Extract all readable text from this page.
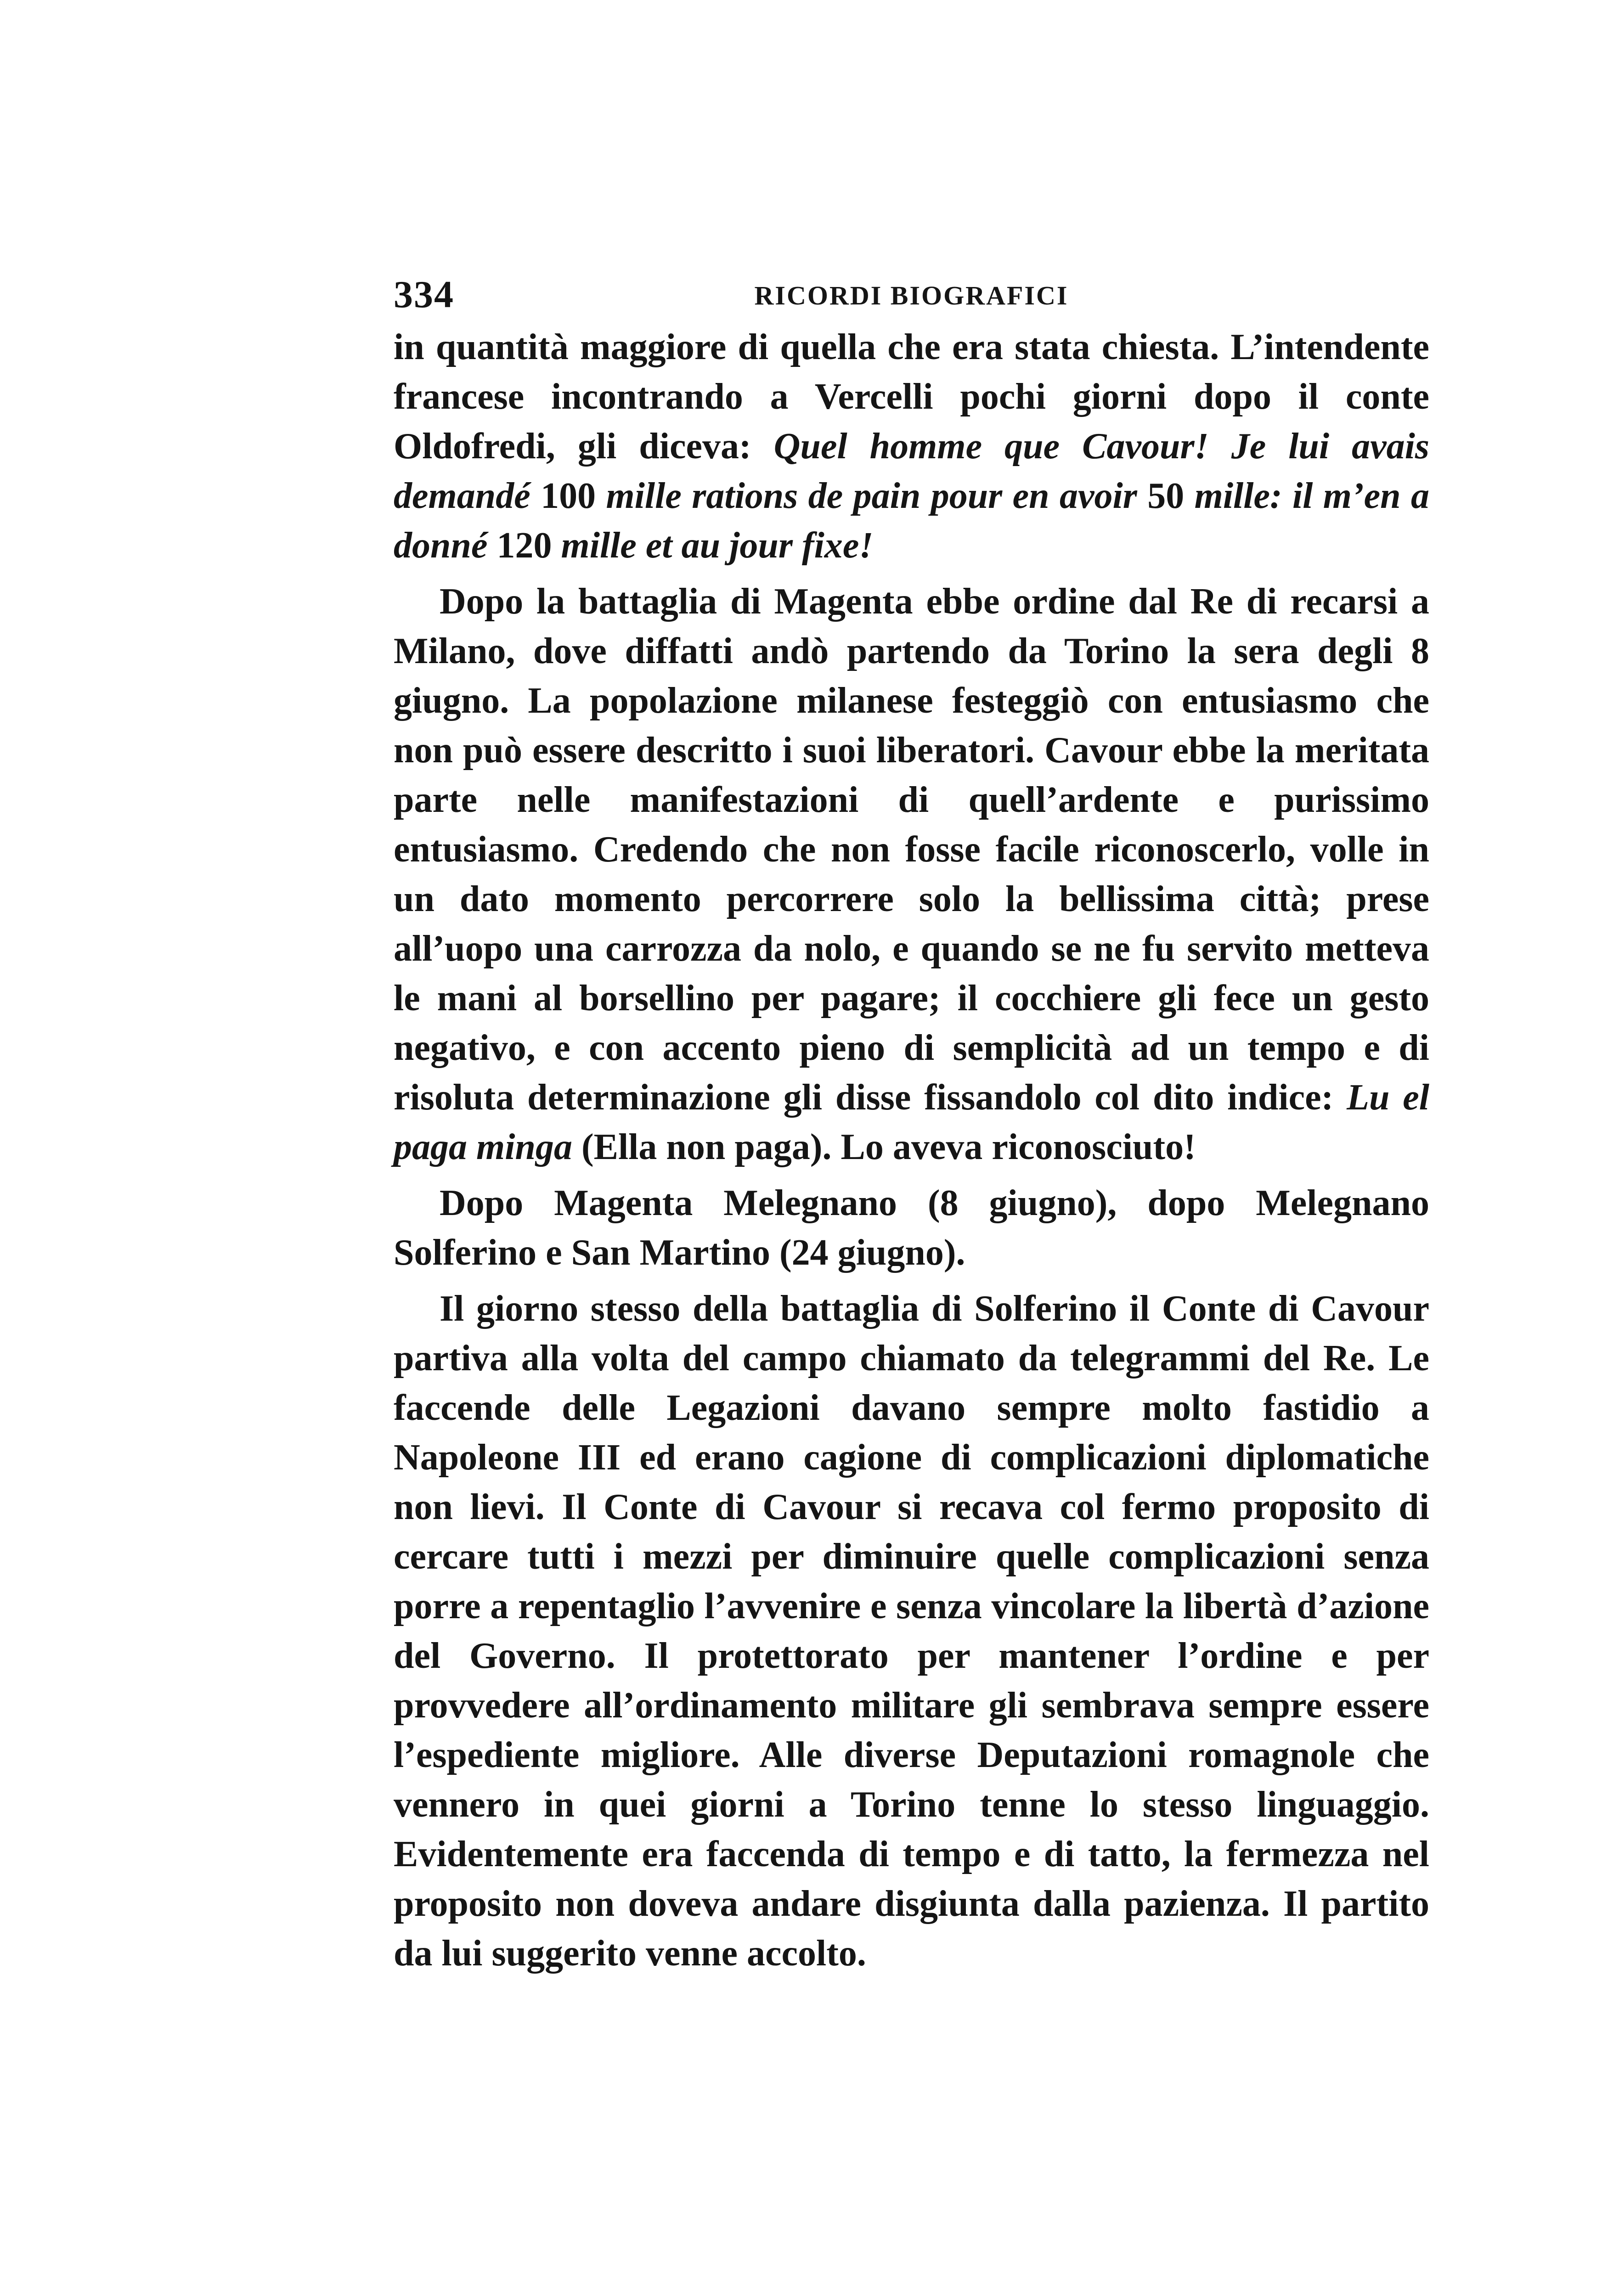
334	RICORDI BIOGRAFICI

in quantità maggiore di quella che era stata chiesta. L’intendente francese incontrando a Vercelli pochi giorni dopo il conte Oldofredi, gli diceva: Quel homme que Cavour! Je lui avais demandé 100 mille rations de pain pour en avoir 50 mille: il m’en a donné 120 mille et au jour fixe!

Dopo la battaglia di Magenta ebbe ordine dal Re di recarsi a Milano, dove diffatti andò partendo da Torino la sera degli 8 giugno. La popolazione milanese festeggiò con entusiasmo che non può essere descritto i suoi liberatori. Cavour ebbe la meritata parte nelle manifestazioni di quell’ardente e purissimo entusiasmo. Credendo che non fosse facile riconoscerlo, volle in un dato momento percorrere solo la bellissima città; prese all’uopo una carrozza da nolo, e quando se ne fu servito metteva le mani al borsellino per pagare; il cocchiere gli fece un gesto negativo, e con accento pieno di semplicità ad un tempo e di risoluta determinazione gli disse fissandolo col dito indice: Lu el paga minga (Ella non paga). Lo aveva riconosciuto!

Dopo Magenta Melegnano (8 giugno), dopo Melegnano Solferino e San Martino (24 giugno).

Il giorno stesso della battaglia di Solferino il Conte di Cavour partiva alla volta del campo chiamato da telegrammi del Re. Le faccende delle Legazioni davano sempre molto fastidio a Napoleone III ed erano cagione di complicazioni diplomatiche non lievi. Il Conte di Cavour si recava col fermo proposito di cercare tutti i mezzi per diminuire quelle complicazioni senza porre a repentaglio l’avvenire e senza vincolare la libertà d’azione del Governo. Il protettorato per mantener l’ordine e per provvedere all’ordinamento militare gli sembrava sempre essere l’espediente migliore. Alle diverse Deputazioni romagnole che vennero in quei giorni a Torino tenne lo stesso linguaggio. Evidentemente era faccenda di tempo e di tatto, la fermezza nel proposito non doveva andare disgiunta dalla pazienza. Il partito da lui suggerito venne accolto.
